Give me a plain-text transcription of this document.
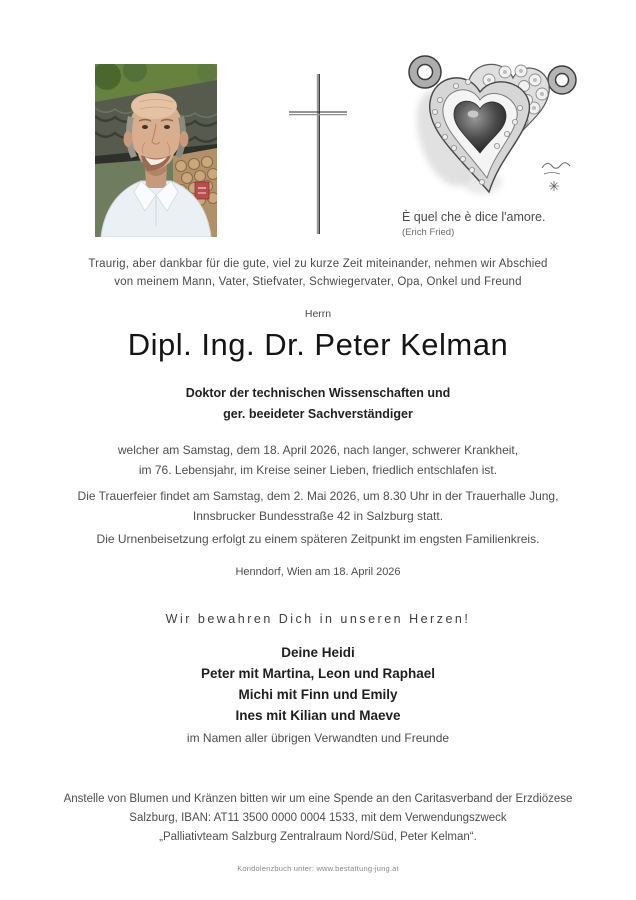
È quel che è dice l'amore.
(Erich Fried)
Traurig, aber dankbar für die gute, viel zu kurze Zeit miteinander, nehmen wir Abschied
von meinem Mann, Vater, Stiefvater, Schwiegervater, Opa, Onkel und Freund
Herrn
Dipl. Ing. Dr. Peter Kelman
Doktor der technischen Wissenschaften und
ger. beeideter Sachverständiger
welcher am Samstag, dem 18. April 2026, nach langer, schwerer Krankheit,
im 76. Lebensjahr, im Kreise seiner Lieben, friedlich entschlafen ist.
Die Trauerfeier findet am Samstag, dem 2. Mai 2026, um 8.30 Uhr in der Trauerhalle Jung,
Innsbrucker Bundesstraße 42 in Salzburg statt.
Die Urnenbeisetzung erfolgt zu einem späteren Zeitpunkt im engsten Familienkreis.
Henndorf, Wien am 18. April 2026
Wir bewahren Dich in unseren Herzen!
Deine Heidi
Peter mit Martina, Leon und Raphael
Michi mit Finn und Emily
Ines mit Kilian und Maeve
im Namen aller übrigen Verwandten und Freunde
Anstelle von Blumen und Kränzen bitten wir um eine Spende an den Caritasverband der Erzdiözese
Salzburg, IBAN: AT11 3500 0000 0004 1533, mit dem Verwendungszweck
„Palliativteam Salzburg Zentralraum Nord/Süd, Peter Kelman“.
Kondolenzbuch unter: www.bestattung-jung.at
